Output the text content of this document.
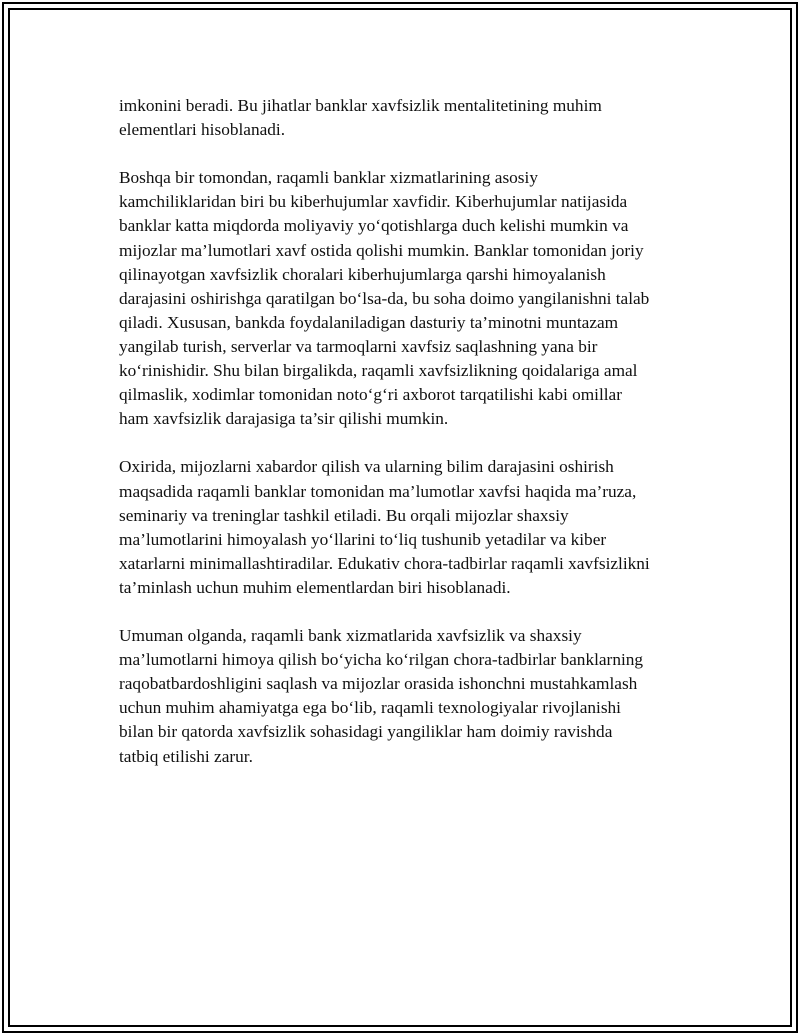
imkonini beradi. Bu jihatlar banklar xavfsizlik mentalitetining muhim
elementlari hisoblanadi.

Boshqa bir tomondan, raqamli banklar xizmatlarining asosiy
kamchiliklaridan biri bu kiberhujumlar xavfidir. Kiberhujumlar natijasida
banklar katta miqdorda moliyaviy yo‘qotishlarga duch kelishi mumkin va
mijozlar ma’lumotlari xavf ostida qolishi mumkin. Banklar tomonidan joriy
qilinayotgan xavfsizlik choralari kiberhujumlarga qarshi himoyalanish
darajasini oshirishga qaratilgan bo‘lsa-da, bu soha doimo yangilanishni talab
qiladi. Xususan, bankda foydalaniladigan dasturiy ta’minotni muntazam
yangilab turish, serverlar va tarmoqlarni xavfsiz saqlashning yana bir
ko‘rinishidir. Shu bilan birgalikda, raqamli xavfsizlikning qoidalariga amal
qilmaslik, xodimlar tomonidan noto‘g‘ri axborot tarqatilishi kabi omillar
ham xavfsizlik darajasiga ta’sir qilishi mumkin.

Oxirida, mijozlarni xabardor qilish va ularning bilim darajasini oshirish
maqsadida raqamli banklar tomonidan ma’lumotlar xavfsi haqida ma’ruza,
seminariy va treninglar tashkil etiladi. Bu orqali mijozlar shaxsiy
ma’lumotlarini himoyalash yo‘llarini to‘liq tushunib yetadilar va kiber
xatarlarni minimallashtiradilar. Edukativ chora-tadbirlar raqamli xavfsizlikni
ta’minlash uchun muhim elementlardan biri hisoblanadi.

Umuman olganda, raqamli bank xizmatlarida xavfsizlik va shaxsiy
ma’lumotlarni himoya qilish bo‘yicha ko‘rilgan chora-tadbirlar banklarning
raqobatbardoshligini saqlash va mijozlar orasida ishonchni mustahkamlash
uchun muhim ahamiyatga ega bo‘lib, raqamli texnologiyalar rivojlanishi
bilan bir qatorda xavfsizlik sohasidagi yangiliklar ham doimiy ravishda
tatbiq etilishi zarur.
